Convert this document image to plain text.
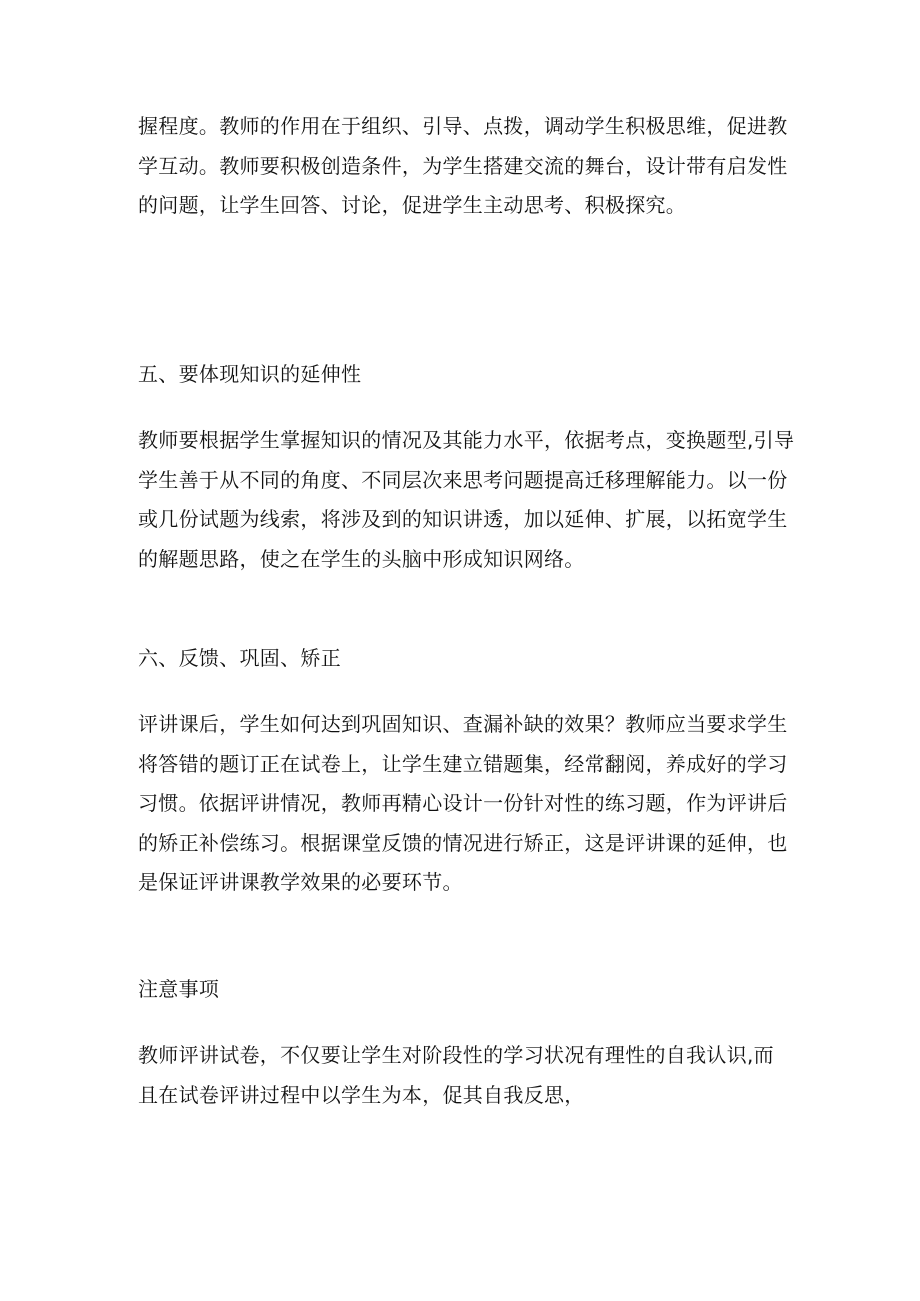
握程度。教师的作用在于组织、引导、点拨，调动学生积极思维，促进教
学互动。教师要积极创造条件，为学生搭建交流的舞台，设计带有启发性
的问题，让学生回答、讨论，促进学生主动思考、积极探究。

五、要体现知识的延伸性

教师要根据学生掌握知识的情况及其能力水平，依据考点，变换题型,引导
学生善于从不同的角度、不同层次来思考问题提高迁移理解能力。以一份
或几份试题为线索，将涉及到的知识讲透，加以延伸、扩展，以拓宽学生
的解题思路，使之在学生的头脑中形成知识网络。

六、反馈、巩固、矫正

评讲课后，学生如何达到巩固知识、查漏补缺的效果？教师应当要求学生
将答错的题订正在试卷上，让学生建立错题集，经常翻阅，养成好的学习
习惯。依据评讲情况，教师再精心设计一份针对性的练习题，作为评讲后
的矫正补偿练习。根据课堂反馈的情况进行矫正，这是评讲课的延伸，也
是保证评讲课教学效果的必要环节。

注意事项

教师评讲试卷，不仅要让学生对阶段性的学习状况有理性的自我认识,而
且在试卷评讲过程中以学生为本，促其自我反思，
